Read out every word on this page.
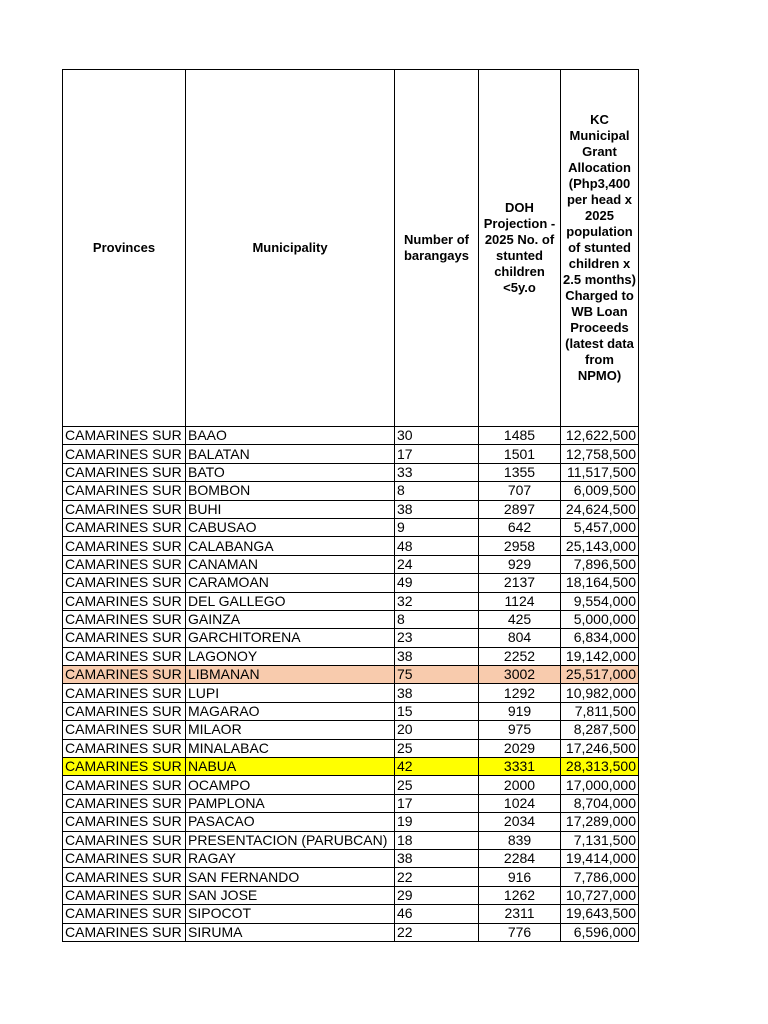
Provinces	Municipality	Number of barangays	DOH Projection - 2025 No. of stunted children <5y.o	KC Municipal Grant Allocation (Php3,400 per head x 2025 population of stunted children x 2.5 months) Charged to WB Loan Proceeds (latest data from NPMO)
CAMARINES SUR	BAAO	30	1485	12,622,500
CAMARINES SUR	BALATAN	17	1501	12,758,500
CAMARINES SUR	BATO	33	1355	11,517,500
CAMARINES SUR	BOMBON	8	707	6,009,500
CAMARINES SUR	BUHI	38	2897	24,624,500
CAMARINES SUR	CABUSAO	9	642	5,457,000
CAMARINES SUR	CALABANGA	48	2958	25,143,000
CAMARINES SUR	CANAMAN	24	929	7,896,500
CAMARINES SUR	CARAMOAN	49	2137	18,164,500
CAMARINES SUR	DEL GALLEGO	32	1124	9,554,000
CAMARINES SUR	GAINZA	8	425	5,000,000
CAMARINES SUR	GARCHITORENA	23	804	6,834,000
CAMARINES SUR	LAGONOY	38	2252	19,142,000
CAMARINES SUR	LIBMANAN	75	3002	25,517,000
CAMARINES SUR	LUPI	38	1292	10,982,000
CAMARINES SUR	MAGARAO	15	919	7,811,500
CAMARINES SUR	MILAOR	20	975	8,287,500
CAMARINES SUR	MINALABAC	25	2029	17,246,500
CAMARINES SUR	NABUA	42	3331	28,313,500
CAMARINES SUR	OCAMPO	25	2000	17,000,000
CAMARINES SUR	PAMPLONA	17	1024	8,704,000
CAMARINES SUR	PASACAO	19	2034	17,289,000
CAMARINES SUR	PRESENTACION (PARUBCAN)	18	839	7,131,500
CAMARINES SUR	RAGAY	38	2284	19,414,000
CAMARINES SUR	SAN FERNANDO	22	916	7,786,000
CAMARINES SUR	SAN JOSE	29	1262	10,727,000
CAMARINES SUR	SIPOCOT	46	2311	19,643,500
CAMARINES SUR	SIRUMA	22	776	6,596,000
